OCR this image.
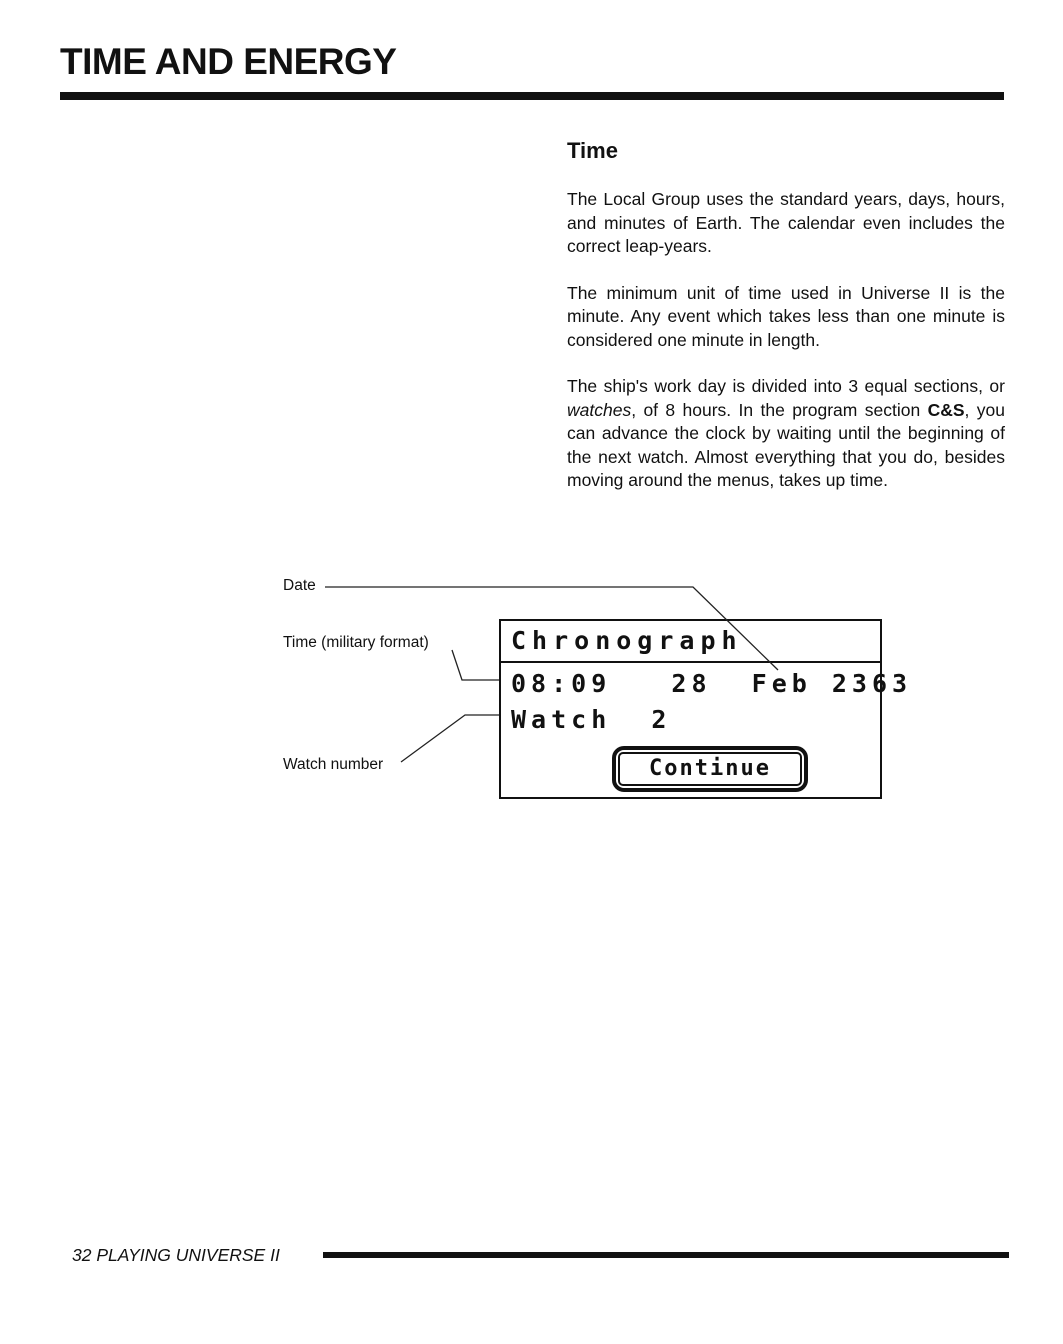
TIME AND ENERGY
Time

The Local Group uses the standard years, days, hours, and minutes of Earth. The calendar even includes the correct leap-years.

The minimum unit of time used in Universe II is the minute. Any event which takes less than one minute is considered one minute in length.

The ship's work day is divided into 3 equal sections, or watches, of 8 hours. In the program section C&S, you can advance the clock by waiting until the beginning of the next watch. Almost everything that you do, besides moving around the menus, takes up time.

Date
Time (military format)
Watch number
Chronograph
08:09 28 Feb 2363
Watch 2
Continue
32 PLAYING UNIVERSE II
